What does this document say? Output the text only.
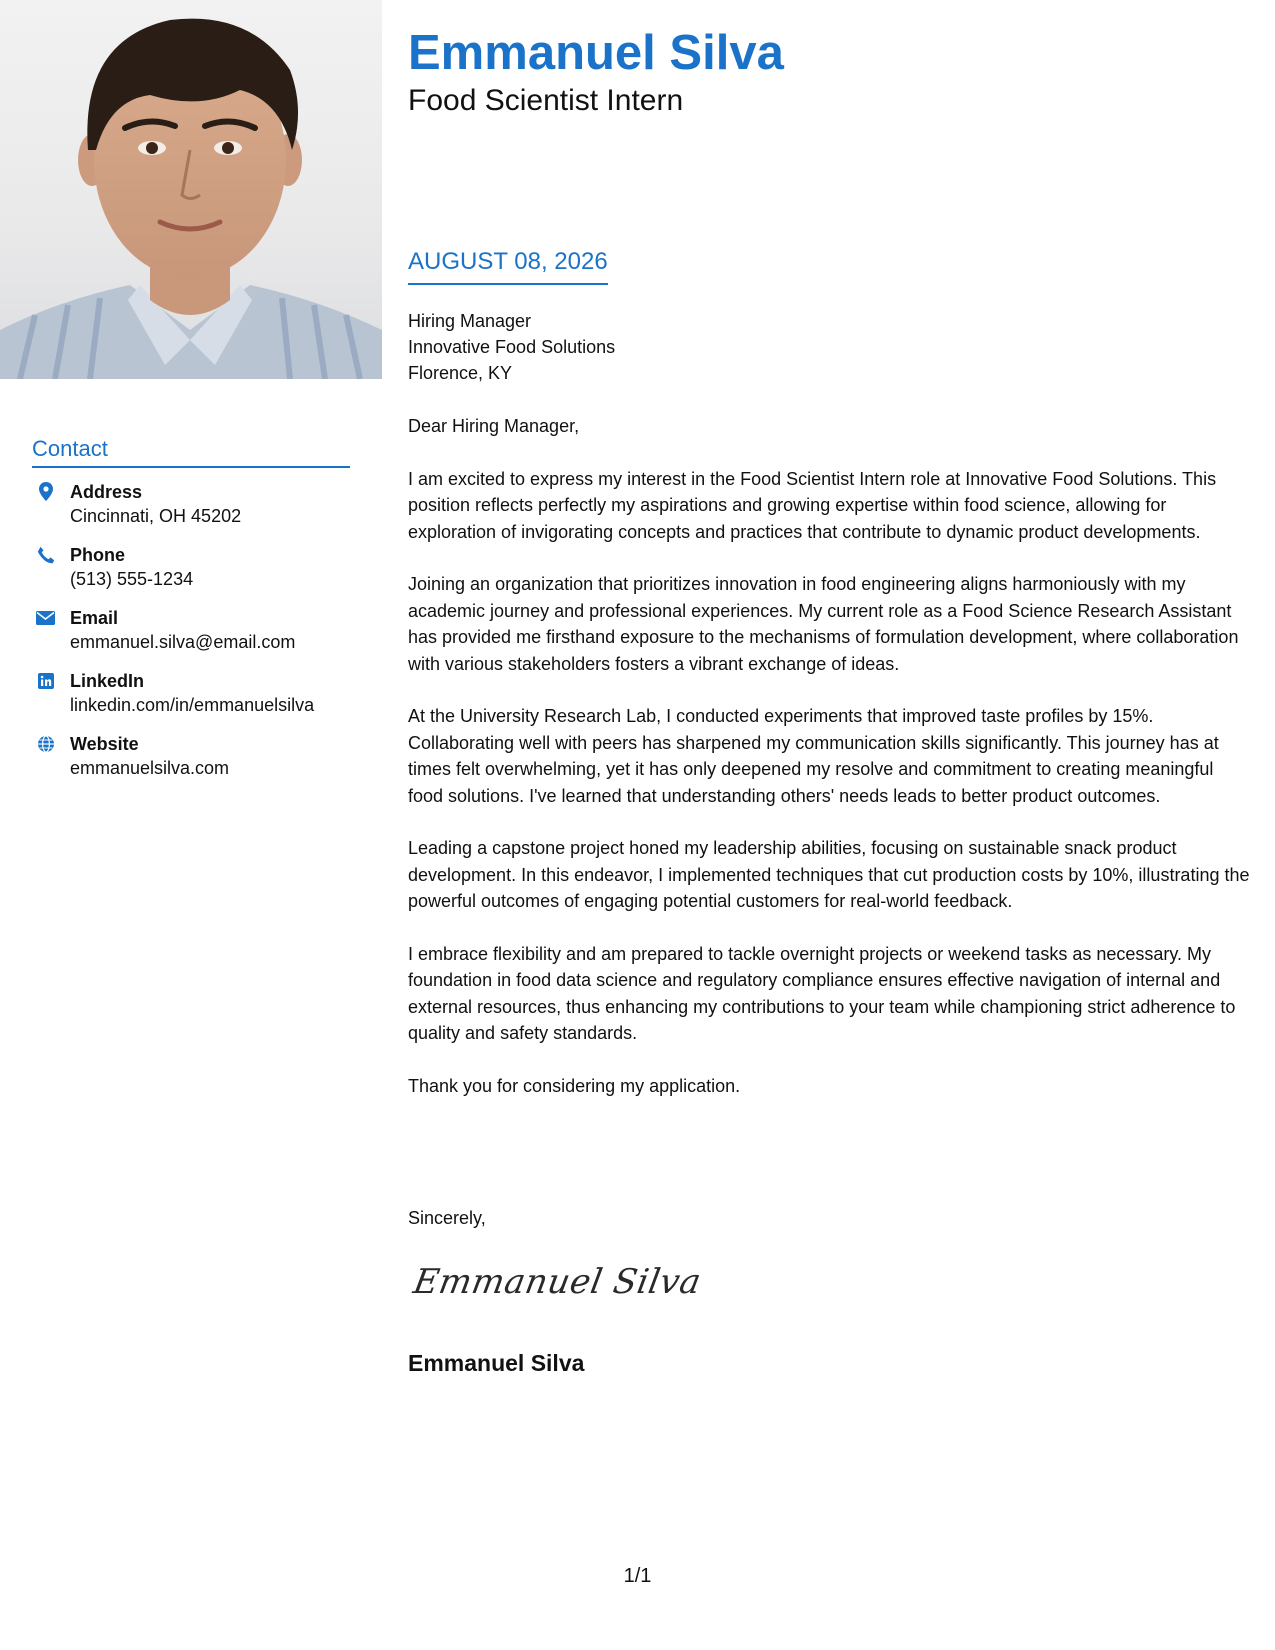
Contact
Address
Cincinnati, OH 45202
Phone
(513) 555-1234
Email
emmanuel.silva@email.com
LinkedIn
linkedin.com/in/emmanuelsilva
Website
emmanuelsilva.com
Emmanuel Silva
Food Scientist Intern
AUGUST 08, 2026
Hiring Manager
Innovative Food Solutions
Florence, KY

Dear Hiring Manager,

I am excited to express my interest in the Food Scientist Intern role at Innovative Food Solutions. This position reflects perfectly my aspirations and growing expertise within food science, allowing for exploration of invigorating concepts and practices that contribute to dynamic product developments.

Joining an organization that prioritizes innovation in food engineering aligns harmoniously with my academic journey and professional experiences. My current role as a Food Science Research Assistant has provided me firsthand exposure to the mechanisms of formulation development, where collaboration with various stakeholders fosters a vibrant exchange of ideas.

At the University Research Lab, I conducted experiments that improved taste profiles by 15%. Collaborating well with peers has sharpened my communication skills significantly. This journey has at times felt overwhelming, yet it has only deepened my resolve and commitment to creating meaningful food solutions. I've learned that understanding others' needs leads to better product outcomes.

Leading a capstone project honed my leadership abilities, focusing on sustainable snack product development. In this endeavor, I implemented techniques that cut production costs by 10%, illustrating the powerful outcomes of engaging potential customers for real-world feedback.

I embrace flexibility and am prepared to tackle overnight projects or weekend tasks as necessary. My foundation in food data science and regulatory compliance ensures effective navigation of internal and external resources, thus enhancing my contributions to your team while championing strict adherence to quality and safety standards.

Thank you for considering my application.

Sincerely,
Emmanuel Silva
Emmanuel Silva
1/1
